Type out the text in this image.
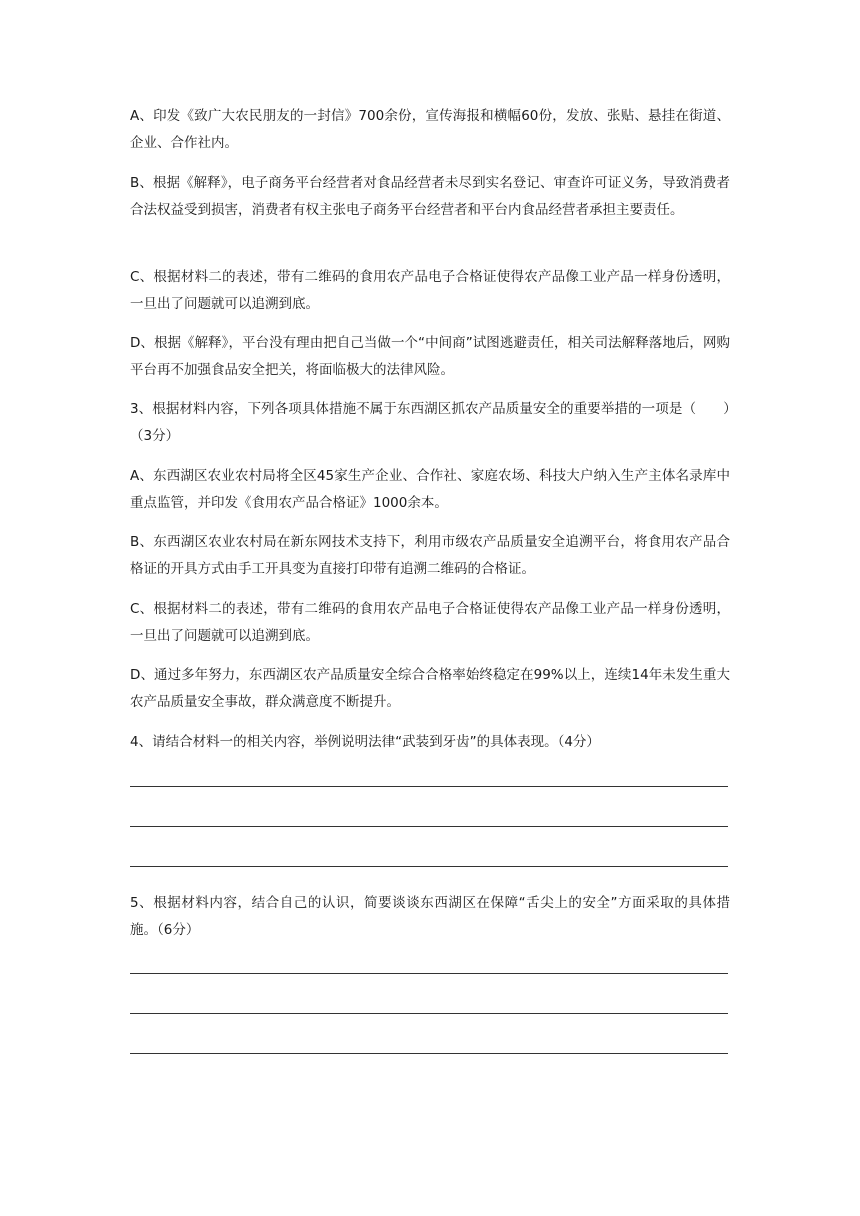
A、印发《致广大农民朋友的一封信》700余份，宣传海报和横幅60份，发放、张贴、悬挂在街道、企业、合作社内。

B、根据《解释》，电子商务平台经营者对食品经营者未尽到实名登记、审查许可证义务，导致消费者合法权益受到损害，消费者有权主张电子商务平台经营者和平台内食品经营者承担主要责任。

C、根据材料二的表述，带有二维码的食用农产品电子合格证使得农产品像工业产品一样身份透明，一旦出了问题就可以追溯到底。

D、根据《解释》，平台没有理由把自己当做一个“中间商”试图逃避责任，相关司法解释落地后，网购平台再不加强食品安全把关，将面临极大的法律风险。

3、根据材料内容，下列各项具体措施不属于东西湖区抓农产品质量安全的重要举措的一项是（　　）（3分）

A、东西湖区农业农村局将全区45家生产企业、合作社、家庭农场、科技大户纳入生产主体名录库中重点监管，并印发《食用农产品合格证》1000余本。

B、东西湖区农业农村局在新东网技术支持下，利用市级农产品质量安全追溯平台，将食用农产品合格证的开具方式由手工开具变为直接打印带有追溯二维码的合格证。

C、根据材料二的表述，带有二维码的食用农产品电子合格证使得农产品像工业产品一样身份透明，一旦出了问题就可以追溯到底。

D、通过多年努力，东西湖区农产品质量安全综合合格率始终稳定在99%以上，连续14年未发生重大农产品质量安全事故，群众满意度不断提升。

4、请结合材料一的相关内容，举例说明法律“武装到牙齿”的具体表现。（4分）

5、根据材料内容，结合自己的认识，简要谈谈东西湖区在保障“舌尖上的安全”方面采取的具体措施。（6分）
